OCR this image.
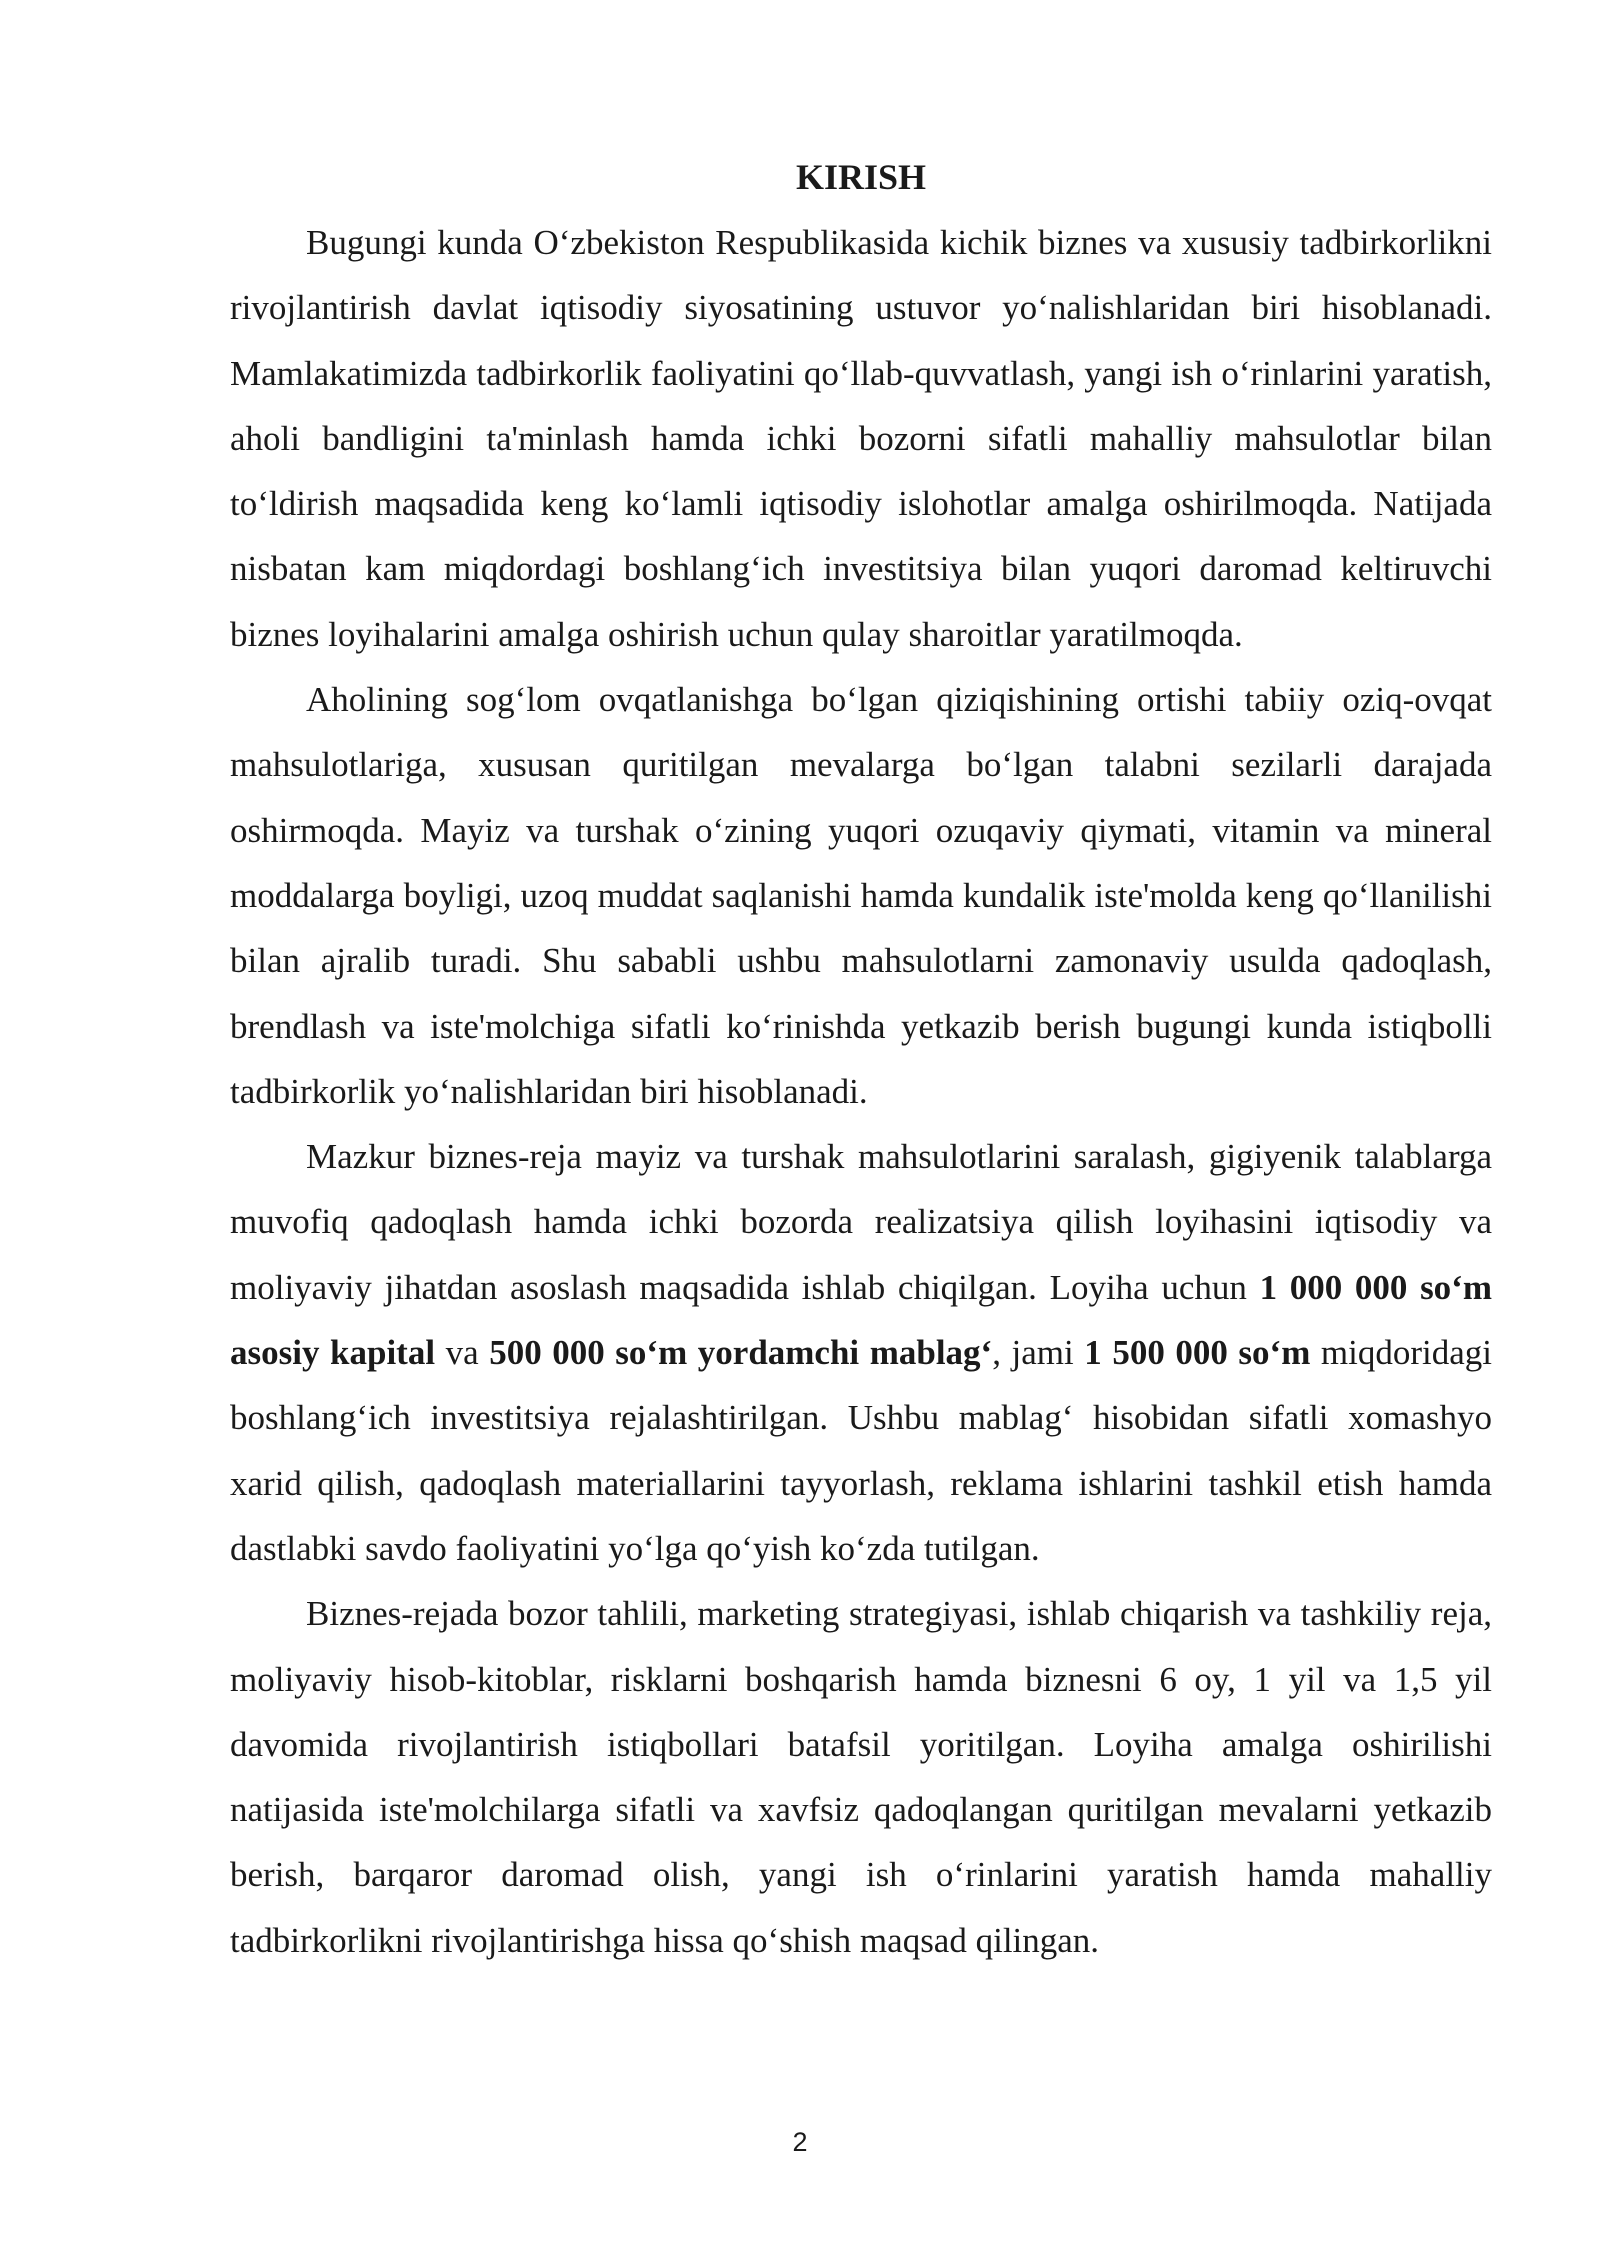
KIRISH

Bugungi kunda O‘zbekiston Respublikasida kichik biznes va xususiy tadbirkorlikni rivojlantirish davlat iqtisodiy siyosatining ustuvor yo‘nalishlaridan biri hisoblanadi. Mamlakatimizda tadbirkorlik faoliyatini qo‘llab-quvvatlash, yangi ish o‘rinlarini yaratish, aholi bandligini ta'minlash hamda ichki bozorni sifatli mahalliy mahsulotlar bilan to‘ldirish maqsadida keng ko‘lamli iqtisodiy islohotlar amalga oshirilmoqda. Natijada nisbatan kam miqdordagi boshlang‘ich investitsiya bilan yuqori daromad keltiruvchi biznes loyihalarini amalga oshirish uchun qulay sharoitlar yaratilmoqda.

Aholining sog‘lom ovqatlanishga bo‘lgan qiziqishining ortishi tabiiy oziq-ovqat mahsulotlariga, xususan quritilgan mevalarga bo‘lgan talabni sezilarli darajada oshirmoqda. Mayiz va turshak o‘zining yuqori ozuqaviy qiymati, vitamin va mineral moddalarga boyligi, uzoq muddat saqlanishi hamda kundalik iste'molda keng qo‘llanilishi bilan ajralib turadi. Shu sababli ushbu mahsulotlarni zamonaviy usulda qadoqlash, brendlash va iste'molchiga sifatli ko‘rinishda yetkazib berish bugungi kunda istiqbolli tadbirkorlik yo‘nalishlaridan biri hisoblanadi.

Mazkur biznes-reja mayiz va turshak mahsulotlarini saralash, gigiyenik talablarga muvofiq qadoqlash hamda ichki bozorda realizatsiya qilish loyihasini iqtisodiy va moliyaviy jihatdan asoslash maqsadida ishlab chiqilgan. Loyiha uchun 1 000 000 so‘m asosiy kapital va 500 000 so‘m yordamchi mablag‘, jami 1 500 000 so‘m miqdoridagi boshlang‘ich investitsiya rejalashtirilgan. Ushbu mablag‘ hisobidan sifatli xomashyo xarid qilish, qadoqlash materiallarini tayyorlash, reklama ishlarini tashkil etish hamda dastlabki savdo faoliyatini yo‘lga qo‘yish ko‘zda tutilgan.

Biznes-rejada bozor tahlili, marketing strategiyasi, ishlab chiqarish va tashkiliy reja, moliyaviy hisob-kitoblar, risklarni boshqarish hamda biznesni 6 oy, 1 yil va 1,5 yil davomida rivojlantirish istiqbollari batafsil yoritilgan. Loyiha amalga oshirilishi natijasida iste'molchilarga sifatli va xavfsiz qadoqlangan quritilgan mevalarni yetkazib berish, barqaror daromad olish, yangi ish o‘rinlarini yaratish hamda mahalliy tadbirkorlikni rivojlantirishga hissa qo‘shish maqsad qilingan.

2
